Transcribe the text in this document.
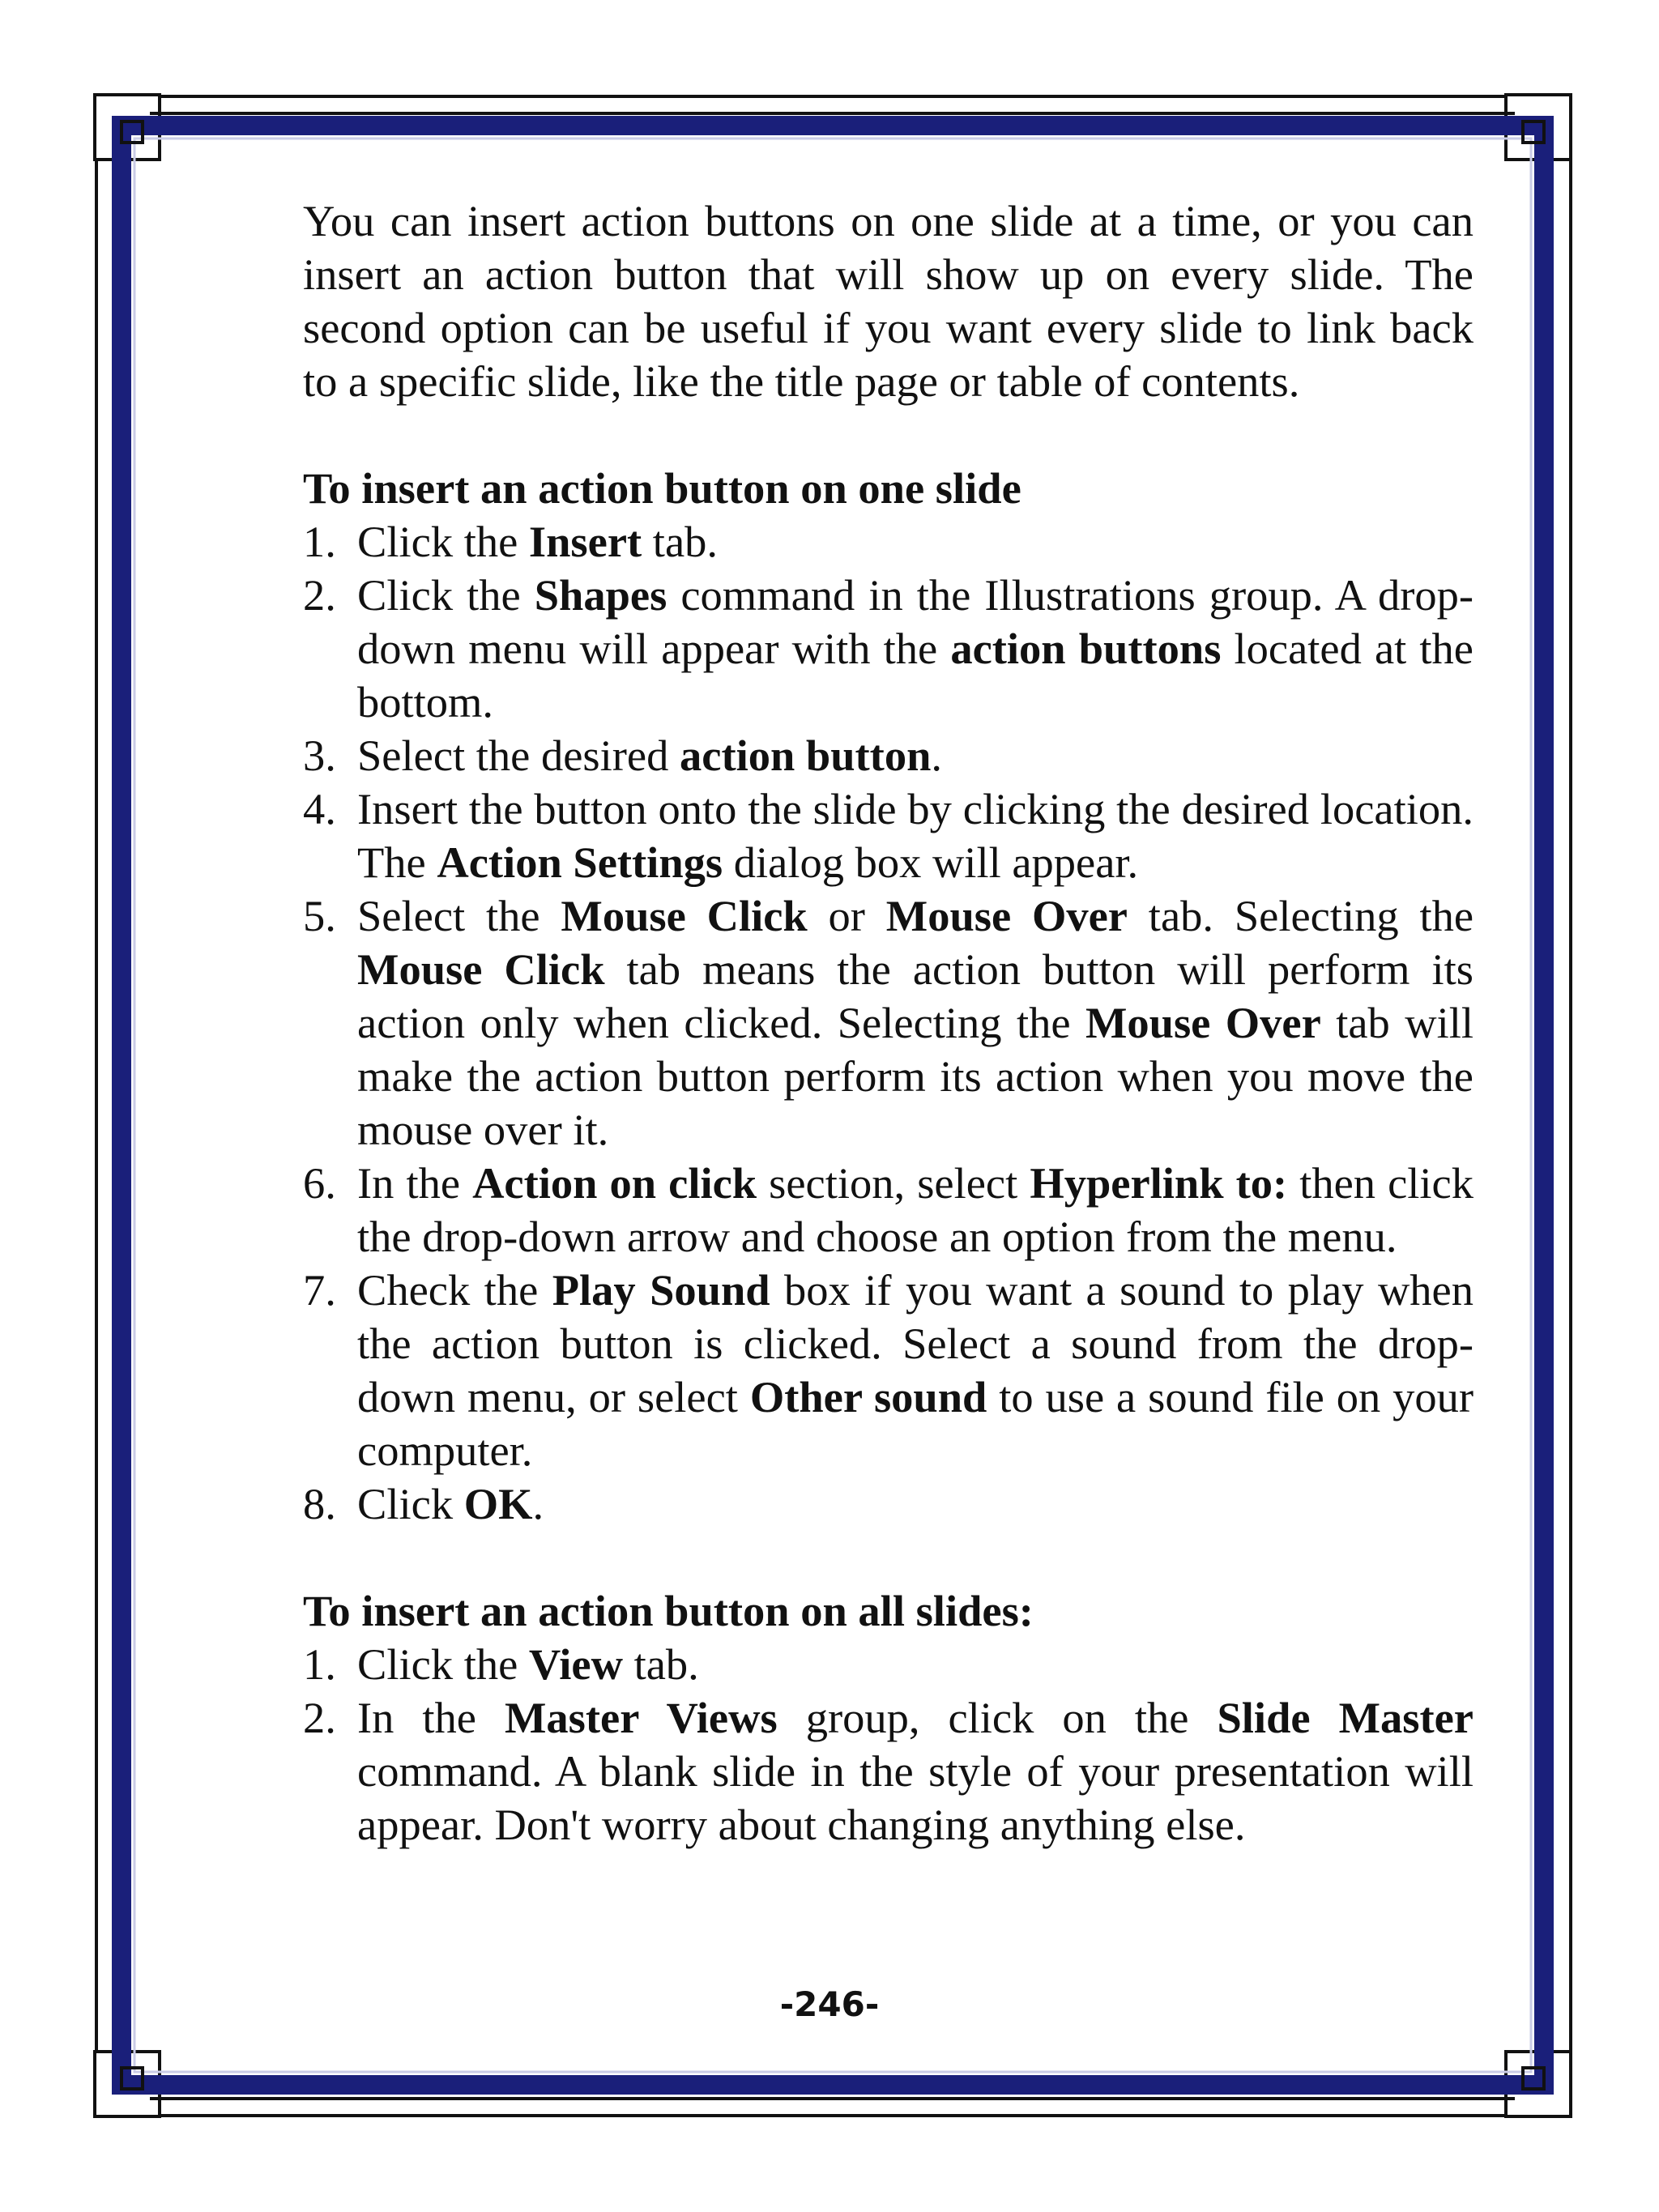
You can insert action buttons on one slide at a time, or you can insert an action button that will show up on every slide. The second option can be useful if you want every slide to link back to a specific slide, like the title page or table of contents.

To insert an action button on one slide
1. Click the Insert tab.
2. Click the Shapes command in the Illustrations group. A drop-down menu will appear with the action buttons located at the bottom.
3. Select the desired action button.
4. Insert the button onto the slide by clicking the desired location. The Action Settings dialog box will appear.
5. Select the Mouse Click or Mouse Over tab. Selecting the Mouse Click tab means the action button will perform its action only when clicked. Selecting the Mouse Over tab will make the action button perform its action when you move the mouse over it.
6. In the Action on click section, select Hyperlink to: then click the drop-down arrow and choose an option from the menu.
7. Check the Play Sound box if you want a sound to play when the action button is clicked. Select a sound from the drop-down menu, or select Other sound to use a sound file on your computer.
8. Click OK.
To insert an action button on all slides:
1. Click the View tab.
2. In the Master Views group, click on the Slide Master command. A blank slide in the style of your presentation will appear. Don't worry about changing anything else.
-246-
